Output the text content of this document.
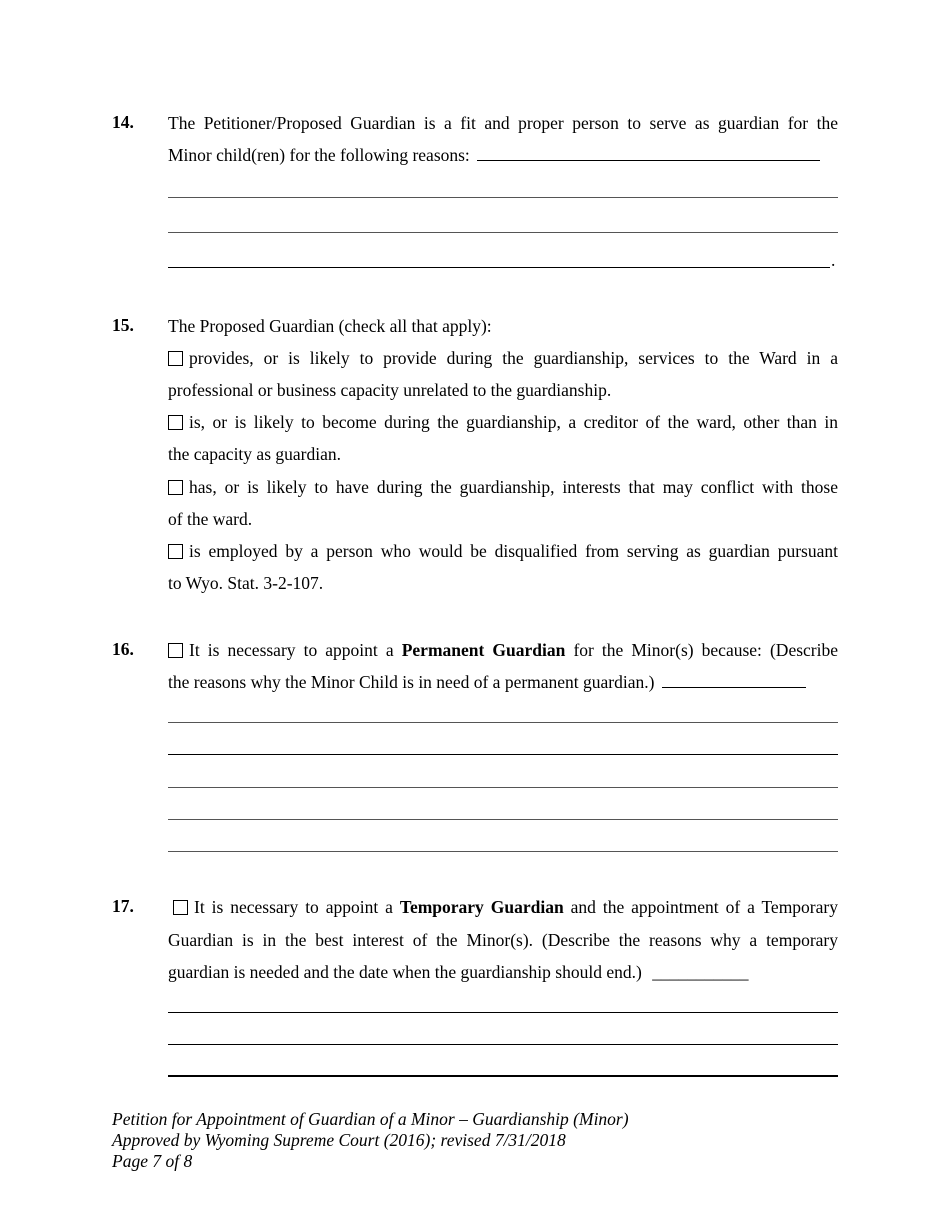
14. The Petitioner/Proposed Guardian is a fit and proper person to serve as guardian for the
Minor child(ren) for the following reasons:
.
15. The Proposed Guardian (check all that apply):
provides, or is likely to provide during the guardianship, services to the Ward in a
professional or business capacity unrelated to the guardianship.
is, or is likely to become during the guardianship, a creditor of the ward, other than in
the capacity as guardian.
has, or is likely to have during the guardianship, interests that may conflict with those
of the ward.
is employed by a person who would be disqualified from serving as guardian pursuant
to Wyo. Stat. 3-2-107.
16.	It is necessary to appoint a Permanent Guardian for the Minor(s) because: (Describe
the reasons why the Minor Child is in need of a permanent guardian.)
17.	It is necessary to appoint a Temporary Guardian and the appointment of a Temporary
Guardian is in the best interest of the Minor(s). (Describe the reasons why a temporary
guardian is needed and the date when the guardianship should end.) ___________
Petition for Appointment of Guardian of a Minor – Guardianship (Minor)
Approved by Wyoming Supreme Court (2016); revised 7/31/2018
Page 7 of 8
